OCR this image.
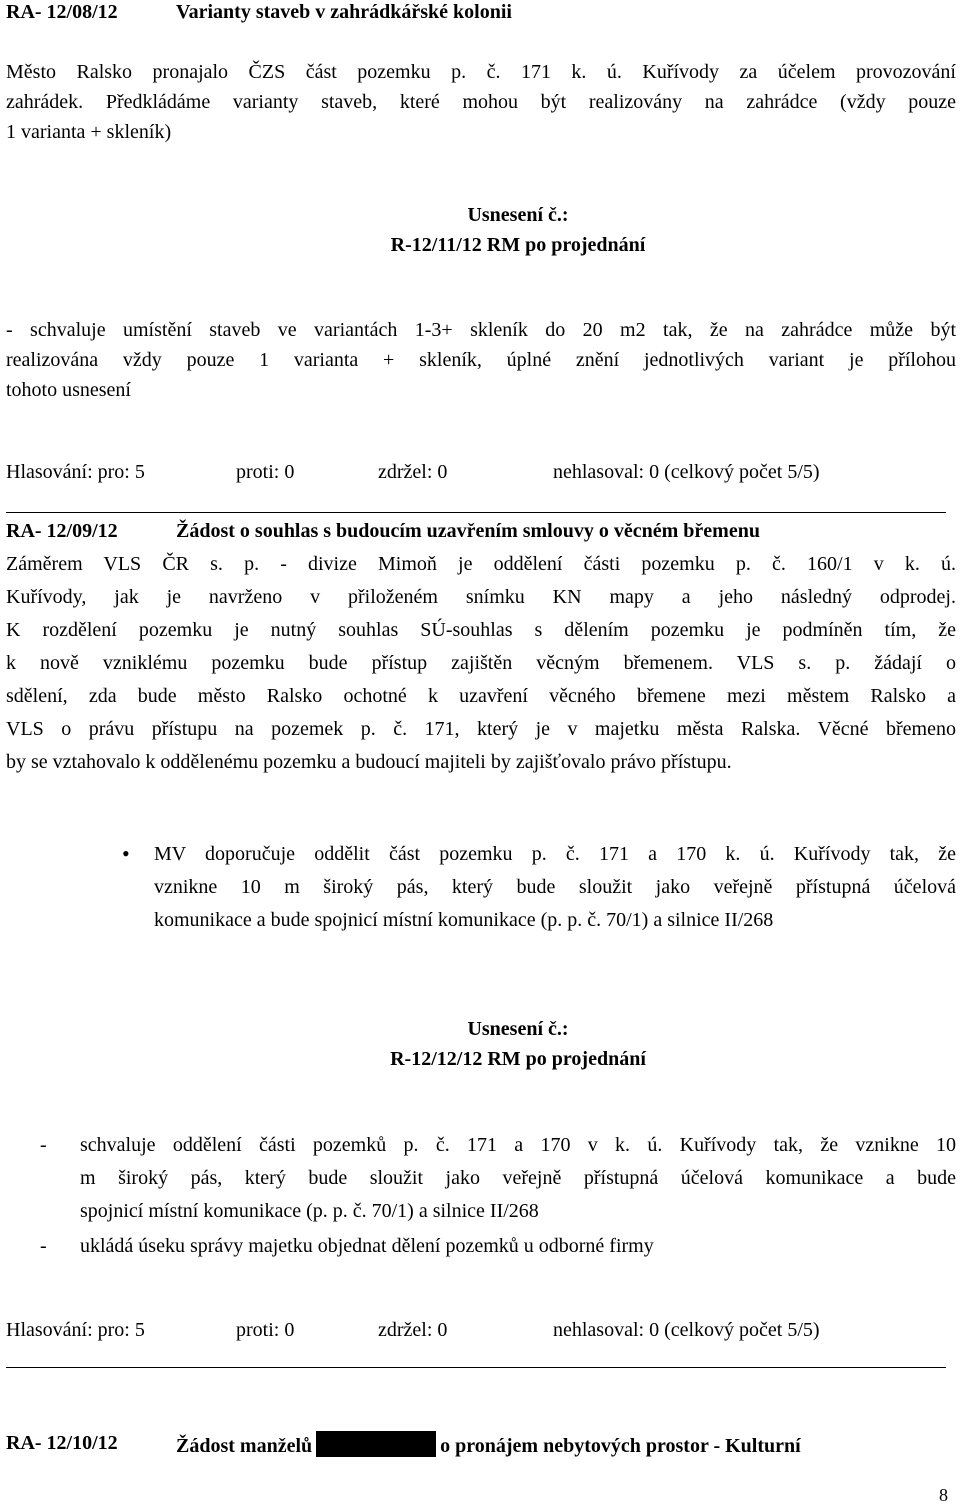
RA- 12/08/12	Varianty staveb v zahrádkářské kolonii
Město Ralsko pronajalo ČZS část pozemku p. č. 171 k. ú. Kuřívody za účelem provozování
zahrádek. Předkládáme varianty staveb, které mohou být realizovány na zahrádce (vždy pouze
1 varianta + skleník)
Usnesení č.:
R-12/11/12 RM po projednání
- schvaluje umístění staveb ve variantách 1-3+ skleník do 20 m2 tak, že na zahrádce může být
realizována vždy pouze 1 varianta + skleník, úplné znění jednotlivých variant je přílohou
tohoto usnesení
Hlasování: pro: 5	proti: 0	zdržel: 0	nehlasoval: 0 (celkový počet 5/5)
RA- 12/09/12	Žádost o souhlas s budoucím uzavřením smlouvy o věcném břemenu
Záměrem VLS ČR s. p. - divize Mimoň je oddělení části pozemku p. č. 160/1 v k. ú.
Kuřívody, jak je navrženo v přiloženém snímku KN mapy a jeho následný odprodej.
K rozdělení pozemku je nutný souhlas SÚ-souhlas s dělením pozemku je podmíněn tím, že
k nově vzniklému pozemku bude přístup zajištěn věcným břemenem. VLS s. p. žádají o
sdělení, zda bude město Ralsko ochotné k uzavření věcného břemene mezi městem Ralsko a
VLS o právu přístupu na pozemek p. č. 171, který je v majetku města Ralska. Věcné břemeno
by se vztahovalo k oddělenému pozemku a budoucí majiteli by zajišťovalo právo přístupu.
• MV doporučuje oddělit část pozemku p. č. 171 a 170 k. ú. Kuřívody tak, že
vznikne 10 m široký pás, který bude sloužit jako veřejně přístupná účelová
komunikace a bude spojnicí místní komunikace (p. p. č. 70/1) a silnice II/268
Usnesení č.:
R-12/12/12 RM po projednání
- schvaluje oddělení části pozemků p. č. 171 a 170 v k. ú. Kuřívody tak, že vznikne 10
m široký pás, který bude sloužit jako veřejně přístupná účelová komunikace a bude
spojnicí místní komunikace (p. p. č. 70/1) a silnice II/268
- ukládá úseku správy majetku objednat dělení pozemků u odborné firmy
Hlasování: pro: 5	proti: 0	zdržel: 0	nehlasoval: 0 (celkový počet 5/5)
RA- 12/10/12	Žádost manželů	o pronájem nebytových prostor - Kulturní
8
